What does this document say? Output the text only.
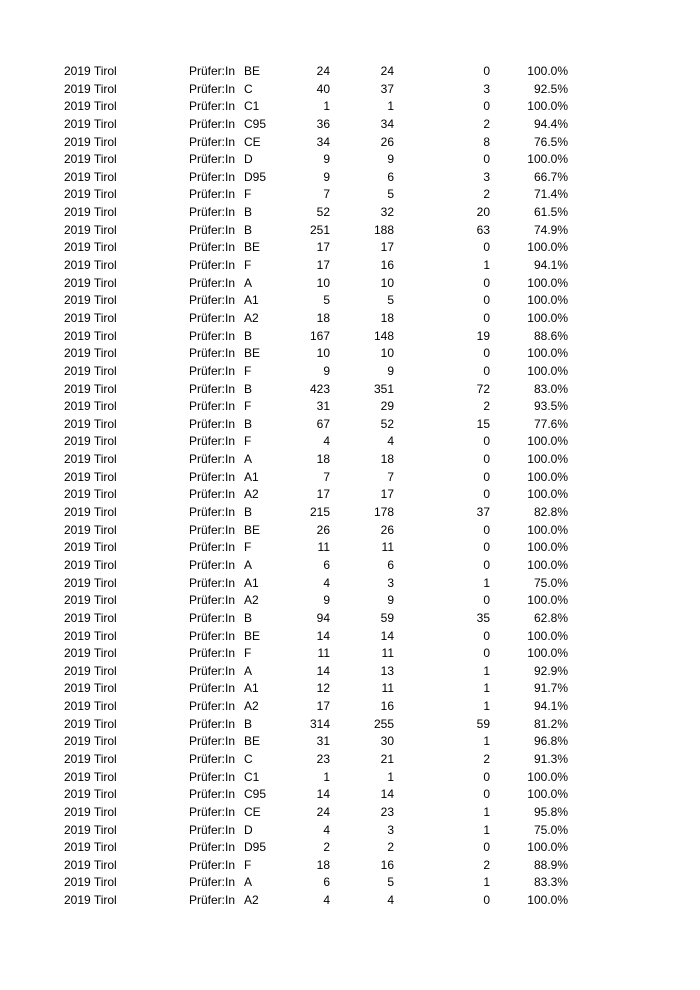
2019 Tirol	Prüfer:In BE	24	24	0	100.0%
2019 Tirol	Prüfer:In C	40	37	3	92.5%
2019 Tirol	Prüfer:In C1	1	1	0	100.0%
2019 Tirol	Prüfer:In C95	36	34	2	94.4%
2019 Tirol	Prüfer:In CE	34	26	8	76.5%
2019 Tirol	Prüfer:In D	9	9	0	100.0%
2019 Tirol	Prüfer:In D95	9	6	3	66.7%
2019 Tirol	Prüfer:In F	7	5	2	71.4%
2019 Tirol	Prüfer:In B	52	32	20	61.5%
2019 Tirol	Prüfer:In B	251	188	63	74.9%
2019 Tirol	Prüfer:In BE	17	17	0	100.0%
2019 Tirol	Prüfer:In F	17	16	1	94.1%
2019 Tirol	Prüfer:In A	10	10	0	100.0%
2019 Tirol	Prüfer:In A1	5	5	0	100.0%
2019 Tirol	Prüfer:In A2	18	18	0	100.0%
2019 Tirol	Prüfer:In B	167	148	19	88.6%
2019 Tirol	Prüfer:In BE	10	10	0	100.0%
2019 Tirol	Prüfer:In F	9	9	0	100.0%
2019 Tirol	Prüfer:In B	423	351	72	83.0%
2019 Tirol	Prüfer:In F	31	29	2	93.5%
2019 Tirol	Prüfer:In B	67	52	15	77.6%
2019 Tirol	Prüfer:In F	4	4	0	100.0%
2019 Tirol	Prüfer:In A	18	18	0	100.0%
2019 Tirol	Prüfer:In A1	7	7	0	100.0%
2019 Tirol	Prüfer:In A2	17	17	0	100.0%
2019 Tirol	Prüfer:In B	215	178	37	82.8%
2019 Tirol	Prüfer:In BE	26	26	0	100.0%
2019 Tirol	Prüfer:In F	11	11	0	100.0%
2019 Tirol	Prüfer:In A	6	6	0	100.0%
2019 Tirol	Prüfer:In A1	4	3	1	75.0%
2019 Tirol	Prüfer:In A2	9	9	0	100.0%
2019 Tirol	Prüfer:In B	94	59	35	62.8%
2019 Tirol	Prüfer:In BE	14	14	0	100.0%
2019 Tirol	Prüfer:In F	11	11	0	100.0%
2019 Tirol	Prüfer:In A	14	13	1	92.9%
2019 Tirol	Prüfer:In A1	12	11	1	91.7%
2019 Tirol	Prüfer:In A2	17	16	1	94.1%
2019 Tirol	Prüfer:In B	314	255	59	81.2%
2019 Tirol	Prüfer:In BE	31	30	1	96.8%
2019 Tirol	Prüfer:In C	23	21	2	91.3%
2019 Tirol	Prüfer:In C1	1	1	0	100.0%
2019 Tirol	Prüfer:In C95	14	14	0	100.0%
2019 Tirol	Prüfer:In CE	24	23	1	95.8%
2019 Tirol	Prüfer:In D	4	3	1	75.0%
2019 Tirol	Prüfer:In D95	2	2	0	100.0%
2019 Tirol	Prüfer:In F	18	16	2	88.9%
2019 Tirol	Prüfer:In A	6	5	1	83.3%
2019 Tirol	Prüfer:In A2	4	4	0	100.0%
